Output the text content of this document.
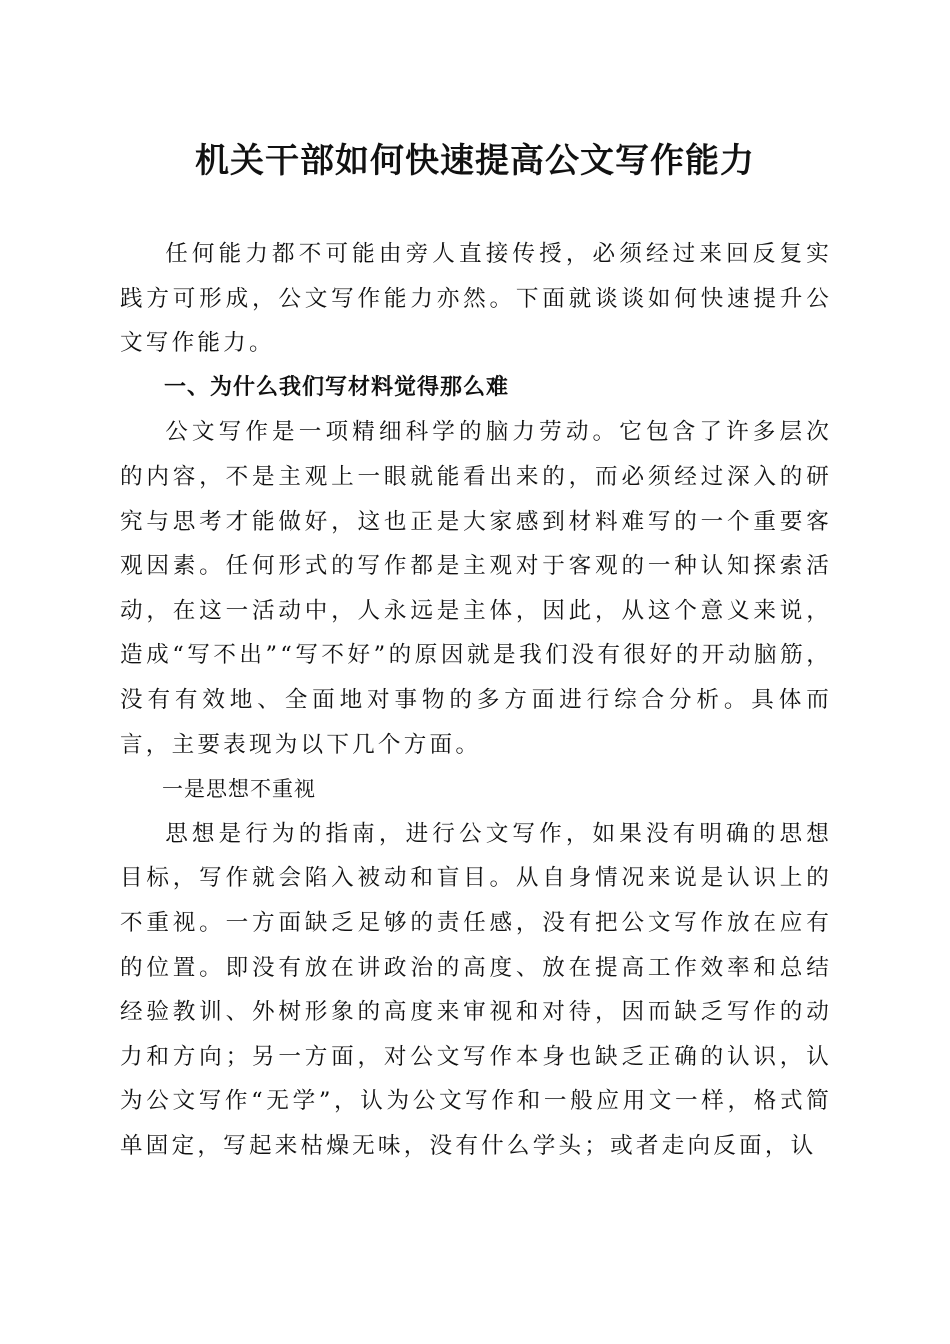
机关干部如何快速提高公文写作能力

任何能力都不可能由旁人直接传授，必须经过来回反复实践方可形成，公文写作能力亦然。下面就谈谈如何快速提升公文写作能力。

一、为什么我们写材料觉得那么难

公文写作是一项精细科学的脑力劳动。它包含了许多层次的内容，不是主观上一眼就能看出来的，而必须经过深入的研究与思考才能做好，这也正是大家感到材料难写的一个重要客观因素。任何形式的写作都是主观对于客观的一种认知探索活动，在这一活动中，人永远是主体，因此，从这个意义来说，造成“写不出”“写不好”的原因就是我们没有很好的开动脑筋，没有有效地、全面地对事物的多方面进行综合分析。具体而言，主要表现为以下几个方面。

一是思想不重视

思想是行为的指南，进行公文写作，如果没有明确的思想目标，写作就会陷入被动和盲目。从自身情况来说是认识上的不重视。一方面缺乏足够的责任感，没有把公文写作放在应有的位置。即没有放在讲政治的高度、放在提高工作效率和总结经验教训、外树形象的高度来审视和对待，因而缺乏写作的动力和方向；另一方面，对公文写作本身也缺乏正确的认识，认为公文写作“无学”，认为公文写作和一般应用文一样，格式简单固定，写起来枯燥无味，没有什么学头；或者走向反面，认
